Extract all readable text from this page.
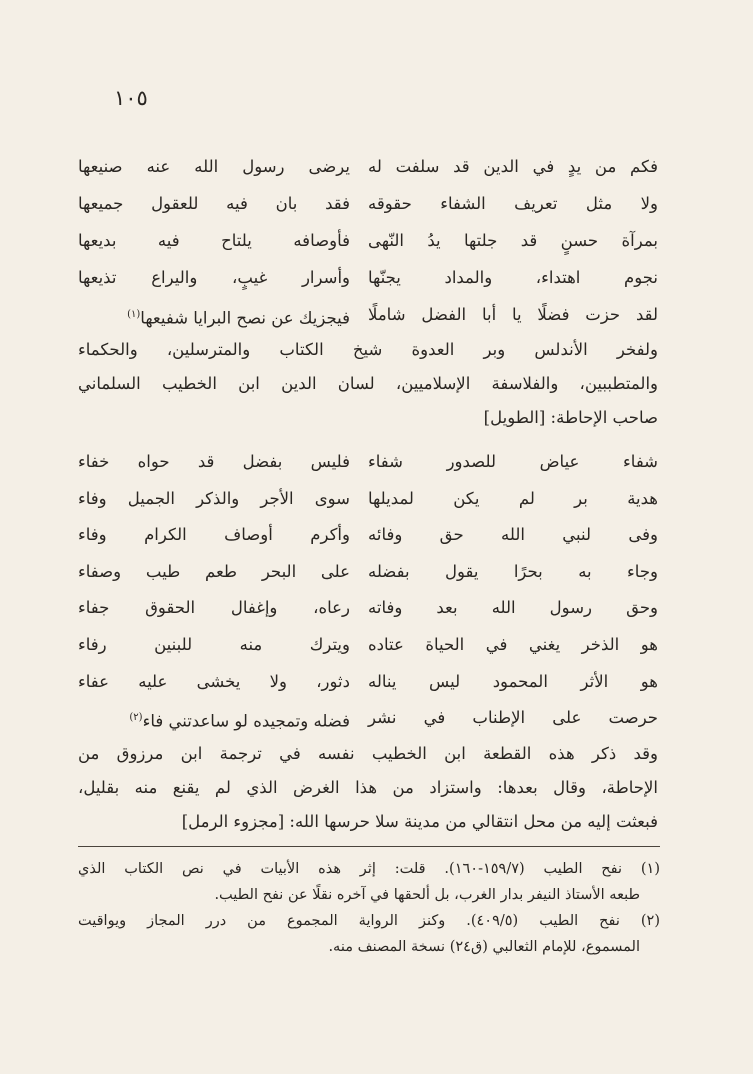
١٠٥
فكم من يدٍ في الدين قد سلفت له
يرضى رسول الله عنه صنيعها
ولا مثل تعريف الشفاء حقوقه
فقد بان فيه للعقول جميعها
بمرآة حسنٍ قد جلتها يدُ النّهى
فأوصافه يلتاح فيه بديعها
نجوم اهتداء، والمداد يجنّها
وأسرار غيبٍ، واليراع تذيعها
لقد حزت فضلًا يا أبا الفضل شاملًا
فيجزيك عن نصح البرايا شفيعها$^{(١)}$
ولفخر الأندلس وبر العدوة شيخ الكتاب والمترسلين، والحكماء
والمتطببين، والفلاسفة الإسلاميين، لسان الدين ابن الخطيب السلماني
صاحب الإحاطة: [الطويل]
شفاء عياض للصدور شفاء
فليس بفضل قد حواه خفاء
هدية بر لم يكن لمديلها
سوى الأجر والذكر الجميل وفاء
وفى لنبي الله حق وفائه
وأكرم أوصاف الكرام وفاء
وجاء به بحرًا يقول بفضله
على البحر طعم طيب وصفاء
وحق رسول الله بعد وفاته
رعاه، وإغفال الحقوق جفاء
هو الذخر يغني في الحياة عتاده
ويترك منه للبنين رفاء
هو الأثر المحمود ليس يناله
دثور، ولا يخشى عليه عفاء
حرصت على الإطناب في نشر
فضله وتمجيده لو ساعدتني فاء$^{(٢)}$
وقد ذكر هذه القطعة ابن الخطيب نفسه في ترجمة ابن مرزوق من
الإحاطة، وقال بعدها: واستزاد من هذا الغرض الذي لم يقنع منه بقليل،
فبعثت إليه من محل انتقالي من مدينة سلا حرسها الله: [مجزوء الرمل]
(١) نفح الطيب (١٥٩/٧-١٦٠). قلت: إثر هذه الأبيات في نص الكتاب الذي
طبعه الأستاذ النيفر بدار الغرب، بل ألحقها في آخره نقلًا عن نفح الطيب.
(٢) نفح الطيب (٤٠٩/٥). وكنز الرواية المجموع من درر المجاز ويواقيت
المسموع، للإمام الثعالبي (ق٢٤) نسخة المصنف منه.
